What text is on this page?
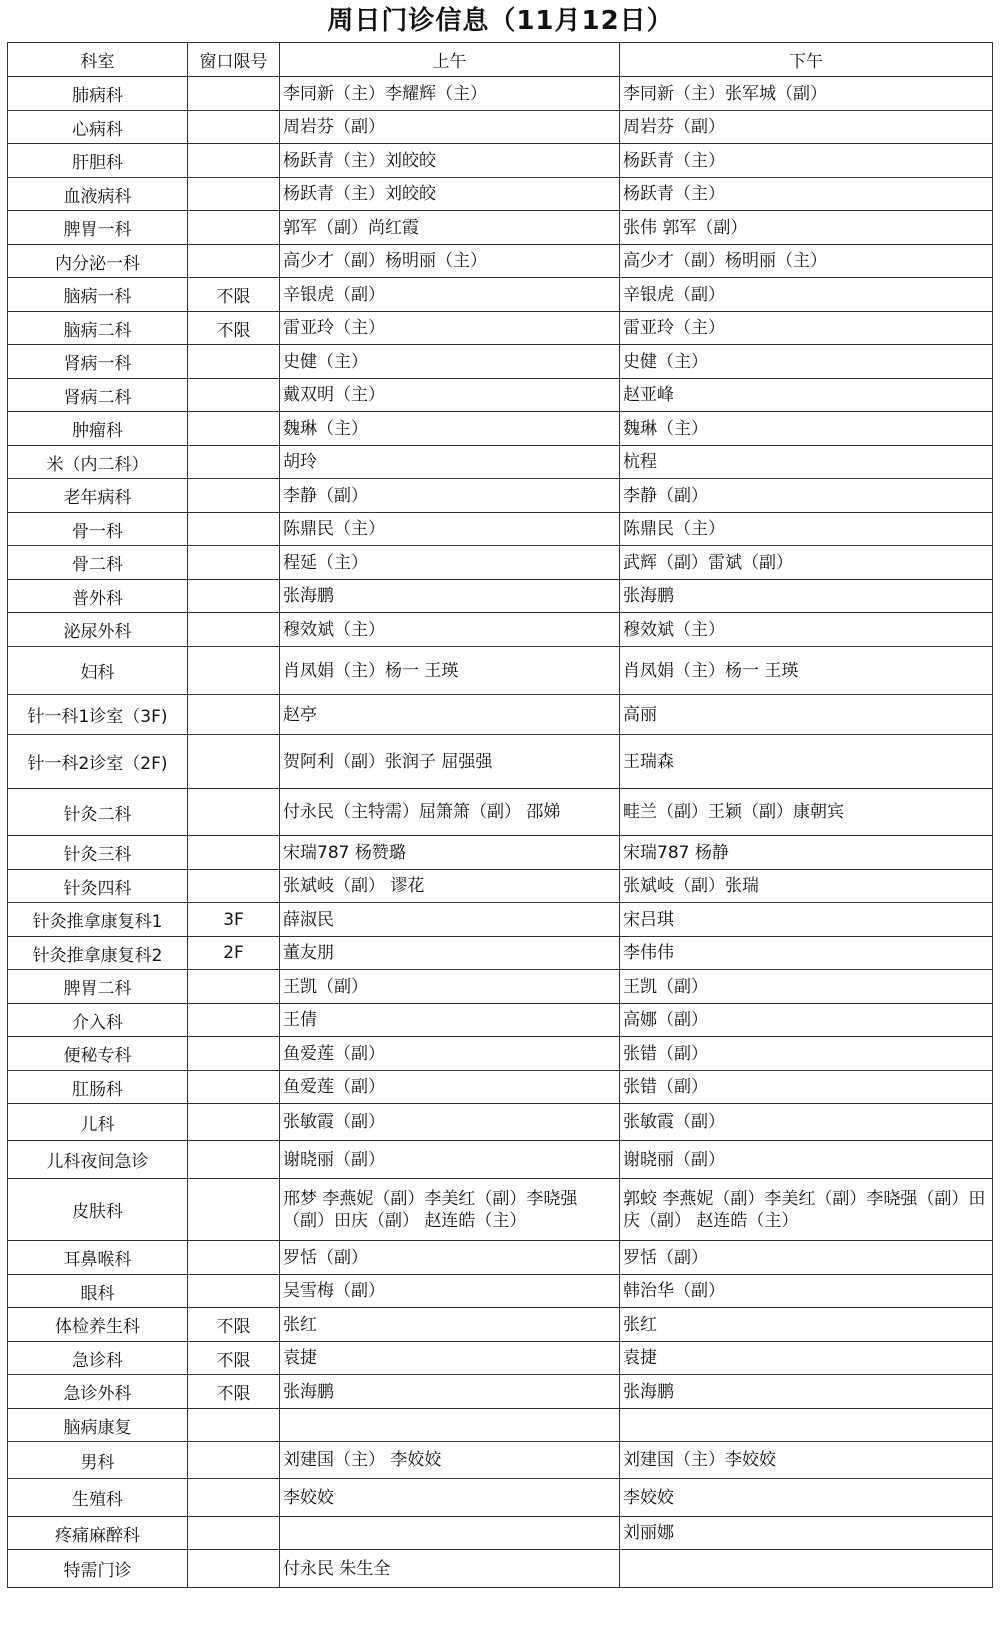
周日门诊信息（11月12日）
科室	窗口限号	上午	下午
肺病科		李同新（主）李耀辉（主）	李同新（主）张军城（副）
心病科		周岩芬（副）	周岩芬（副）
肝胆科		杨跃青（主）刘皎皎	杨跃青（主）
血液病科		杨跃青（主）刘皎皎	杨跃青（主）
脾胃一科		郭军（副）尚红霞	张伟 郭军（副）
内分泌一科		高少才（副）杨明丽（主）	高少才（副）杨明丽（主）
脑病一科	不限	辛银虎（副）	辛银虎（副）
脑病二科	不限	雷亚玲（主）	雷亚玲（主）
肾病一科		史健（主）	史健（主）
肾病二科		戴双明（主）	赵亚峰
肿瘤科		魏琳（主）	魏琳（主）
米（内二科）		胡玲	杭程
老年病科		李静（副）	李静（副）
骨一科		陈鼎民（主）	陈鼎民（主）
骨二科		程延（主）	武辉（副）雷斌（副）
普外科		张海鹏	张海鹏
泌尿外科		穆效斌（主）	穆效斌（主）
妇科		肖凤娟（主）杨一 王瑛	肖凤娟（主）杨一 王瑛
针一科1诊室（3F)		赵亭	高丽
针一科2诊室（2F)		贺阿利（副）张润子 屈强强	王瑞森
针灸二科		付永民（主特需）屈箫箫（副） 邵娣	畦兰（副）王颖（副）康朝宾
针灸三科		宋瑞787 杨赞璐	宋瑞787 杨静
针灸四科		张斌岐（副） 谬花	张斌岐（副）张瑞
针灸推拿康复科1	3F	薛淑民	宋吕琪
针灸推拿康复科2	2F	董友朋	李伟伟
脾胃二科		王凯（副）	王凯（副）
介入科		王倩	高娜（副）
便秘专科		鱼爱莲（副）	张错（副）
肛肠科		鱼爱莲（副）	张错（副）
儿科		张敏霞（副）	张敏霞（副）
儿科夜间急诊		谢晓丽（副）	谢晓丽（副）
皮肤科		邢梦 李燕妮（副）李美红（副）李晓强（副）田庆（副） 赵连皓（主）	郭蛟 李燕妮（副）李美红（副）李晓强（副）田庆（副） 赵连皓（主）
耳鼻喉科		罗恬（副）	罗恬（副）
眼科		吴雪梅（副）	韩治华（副）
体检养生科	不限	张红	张红
急诊科	不限	袁捷	袁捷
急诊外科	不限	张海鹏	张海鹏
脑病康复			
男科		刘建国（主） 李姣姣	刘建国（主）李姣姣
生殖科		李姣姣	李姣姣
疼痛麻醉科			刘丽娜
特需门诊		付永民 朱生全	
